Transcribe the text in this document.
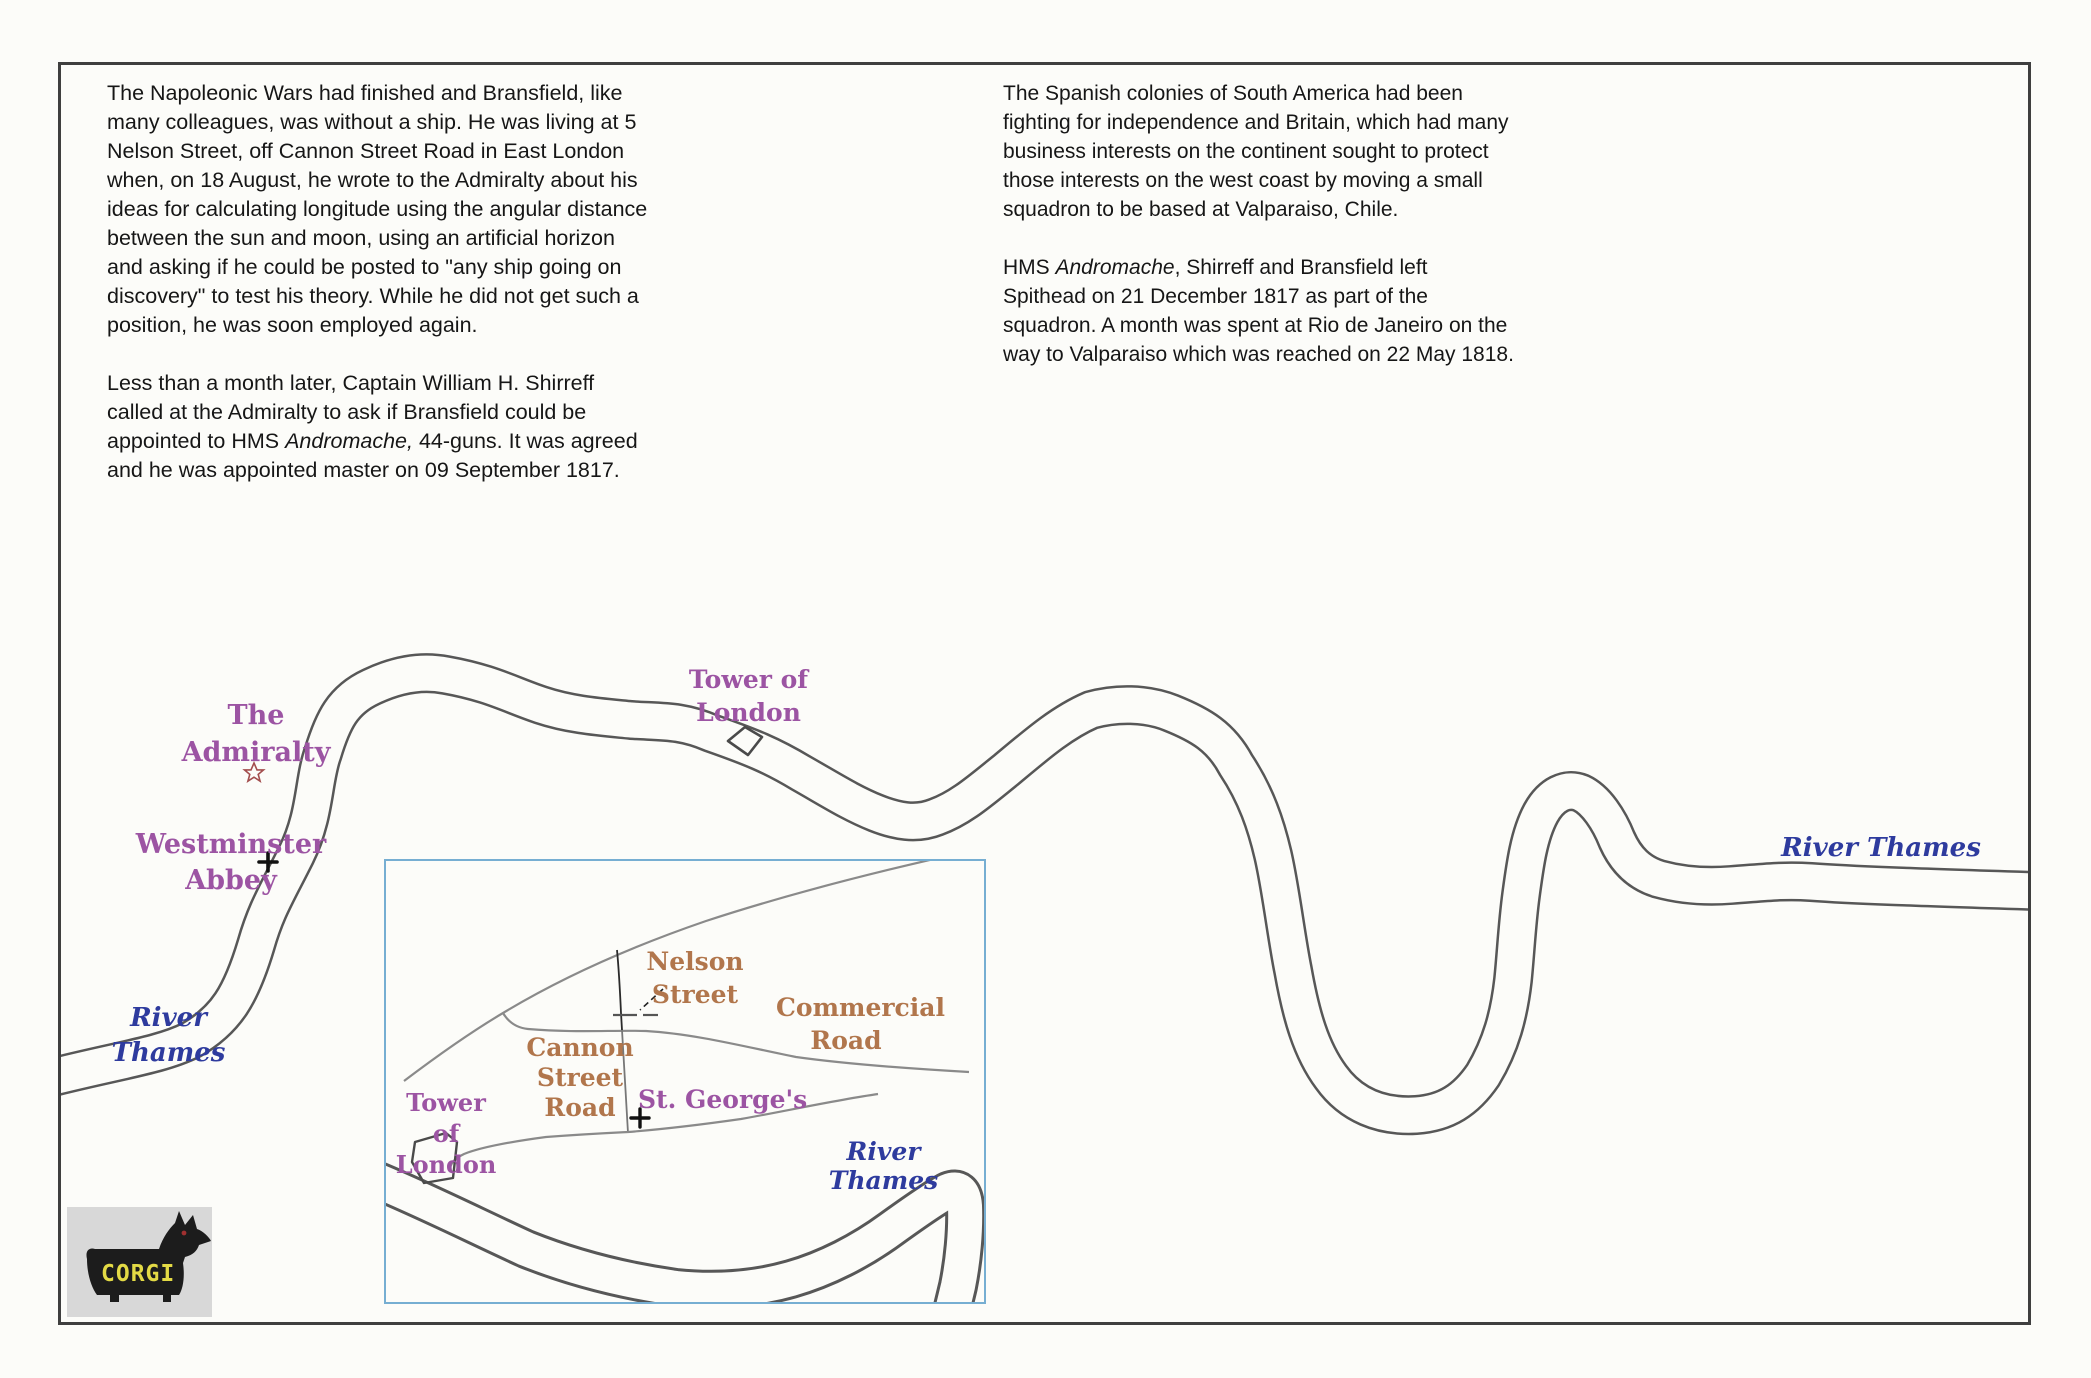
The
Admiralty
Westminster
Abbey
Tower of
London
River
Thames
River Thames

The Napoleonic Wars had finished and Bransfield, like many colleagues, was without a ship. He was living at 5 Nelson Street, off Cannon Street Road in East London when, on 18 August, he wrote to the Admiralty about his ideas for calculating longitude using the angular distance between the sun and moon, using an artificial horizon and asking if he could be posted to "any ship going on discovery" to test his theory. While he did not get such a position, he was soon employed again.

Less than a month later, Captain William H. Shirreff called at the Admiralty to ask if Bransfield could be appointed to HMS Andromache, 44-guns. It was agreed and he was appointed master on 09 September 1817.

The Spanish colonies of South America had been fighting for independence and Britain, which had many business interests on the continent sought to protect those interests on the west coast by moving a small squadron to be based at Valparaiso, Chile.

HMS Andromache, Shirreff and Bransfield left Spithead on 21 December 1817 as part of the squadron. A month was spent at Rio de Janeiro on the way to Valparaiso which was reached on 22 May 1818.

Nelson
Street	Commercial
Road
Cannon
Street
Road St. George's
Tower of
London	River Thames
CORGI
